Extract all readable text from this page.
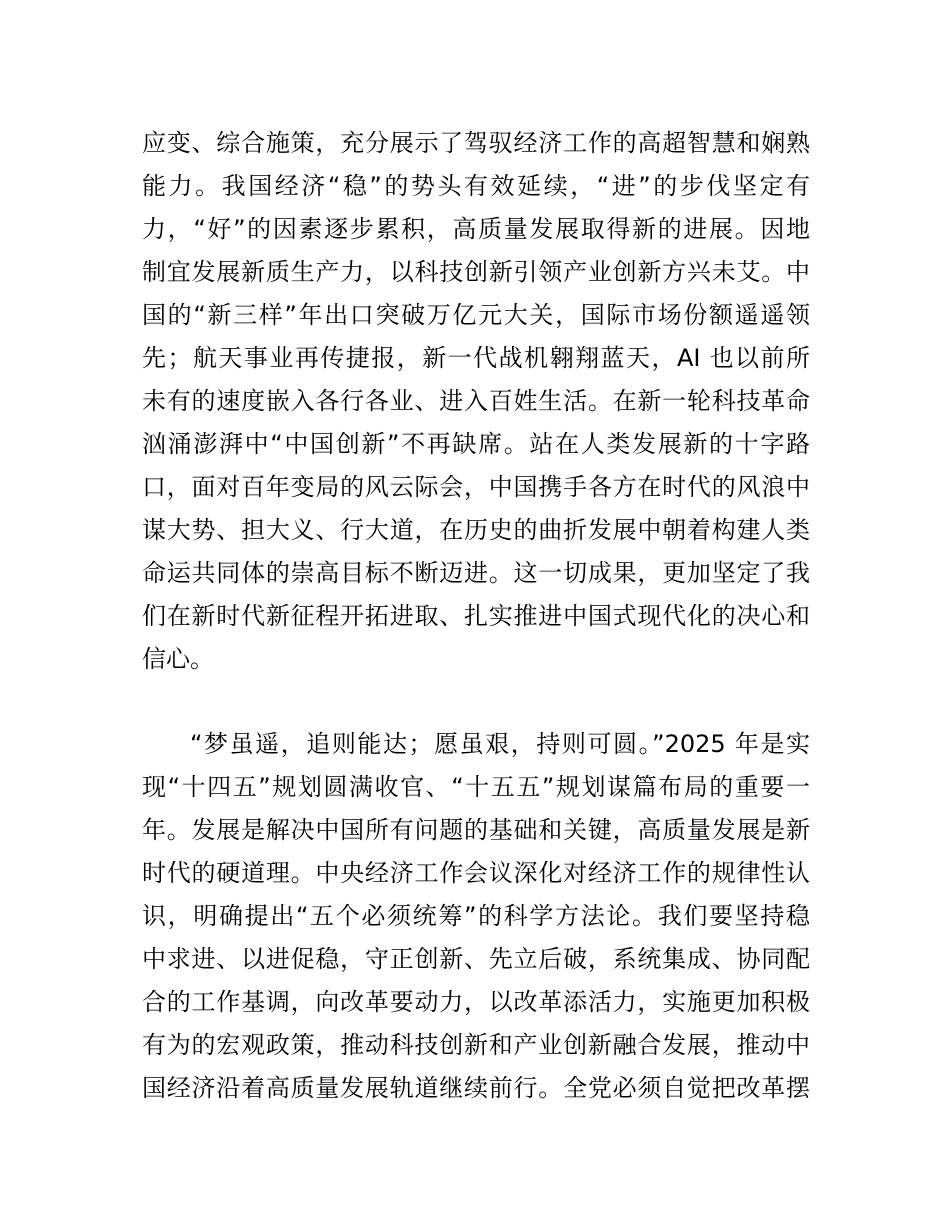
应变、综合施策，充分展示了驾驭经济工作的高超智慧和娴熟
能力。我国经济“稳”的势头有效延续，“进”的步伐坚定有
力，“好”的因素逐步累积，高质量发展取得新的进展。因地
制宜发展新质生产力，以科技创新引领产业创新方兴未艾。中
国的“新三样”年出口突破万亿元大关，国际市场份额遥遥领
先；航天事业再传捷报，新一代战机翱翔蓝天，AI 也以前所
未有的速度嵌入各行各业、进入百姓生活。在新一轮科技革命
汹涌澎湃中“中国创新”不再缺席。站在人类发展新的十字路
口，面对百年变局的风云际会，中国携手各方在时代的风浪中
谋大势、担大义、行大道，在历史的曲折发展中朝着构建人类
命运共同体的崇高目标不断迈进。这一切成果，更加坚定了我
们在新时代新征程开拓进取、扎实推进中国式现代化的决心和
信心。
“梦虽遥，追则能达；愿虽艰，持则可圆。”2025 年是实
现“十四五”规划圆满收官、“十五五”规划谋篇布局的重要一
年。发展是解决中国所有问题的基础和关键，高质量发展是新
时代的硬道理。中央经济工作会议深化对经济工作的规律性认
识，明确提出“五个必须统筹”的科学方法论。我们要坚持稳
中求进、以进促稳，守正创新、先立后破，系统集成、协同配
合的工作基调，向改革要动力，以改革添活力，实施更加积极
有为的宏观政策，推动科技创新和产业创新融合发展，推动中
国经济沿着高质量发展轨道继续前行。全党必须自觉把改革摆
